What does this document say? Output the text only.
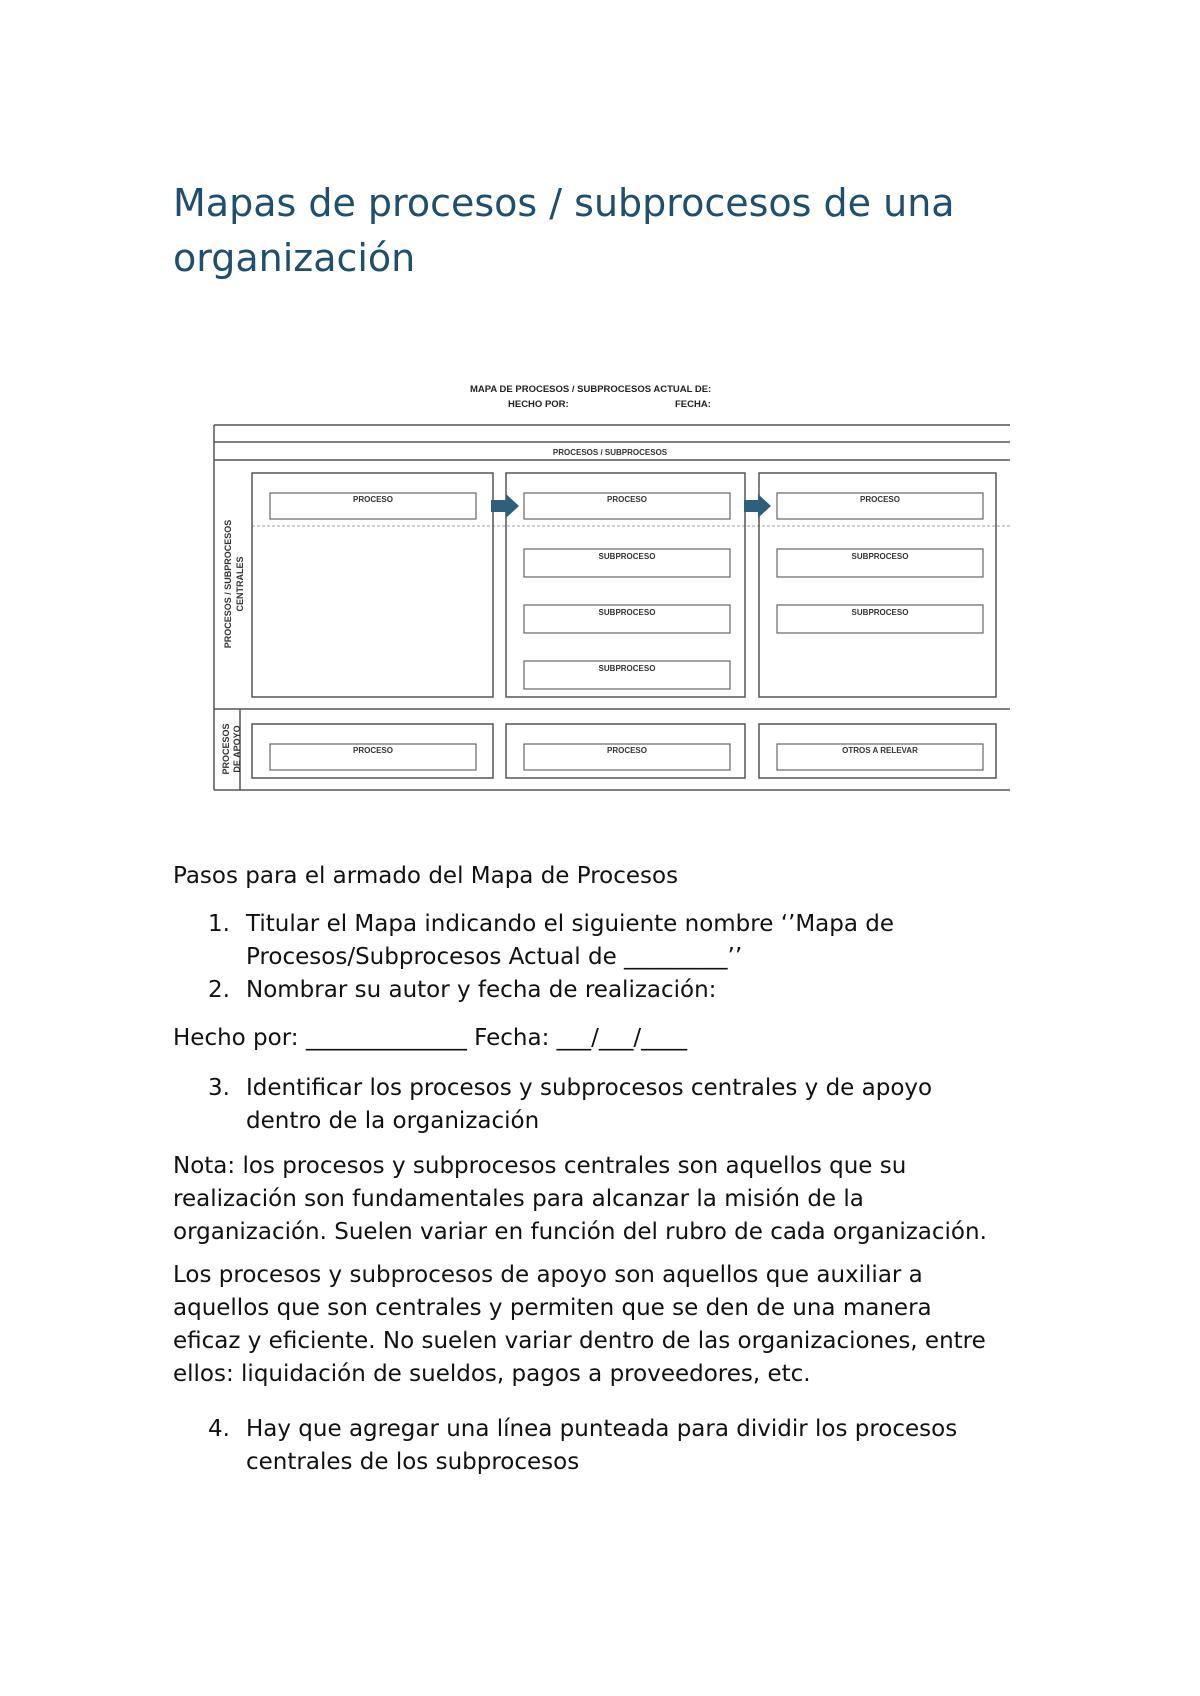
Mapas de procesos / subprocesos de una organización
MAPA DE PROCESOS / SUBPROCESOS ACTUAL DE:
HECHO POR:	FECHA:
PROCESOS / SUBPROCESOS
PROCESOS / SUBPROCESOS CENTRALES
PROCESOS DE APOYO
PROCESO	PROCESO	PROCESO
SUBPROCESO
SUBPROCESO
SUBPROCESO
SUBPROCESO
SUBPROCESO
PROCESO	PROCESO	OTROS A RELEVAR

Pasos para el armado del Mapa de Procesos

1. Titular el Mapa indicando el siguiente nombre ‘’Mapa de
Procesos/Subprocesos Actual de _________’’
2. Nombrar su autor y fecha de realización:

Hecho por: ______________ Fecha: ___/___/____

3. Identificar los procesos y subprocesos centrales y de apoyo
dentro de la organización

Nota: los procesos y subprocesos centrales son aquellos que su
realización son fundamentales para alcanzar la misión de la
organización. Suelen variar en función del rubro de cada organización.

Los procesos y subprocesos de apoyo son aquellos que auxiliar a
aquellos que son centrales y permiten que se den de una manera
eficaz y eficiente. No suelen variar dentro de las organizaciones, entre
ellos: liquidación de sueldos, pagos a proveedores, etc.

4. Hay que agregar una línea punteada para dividir los procesos
centrales de los subprocesos
